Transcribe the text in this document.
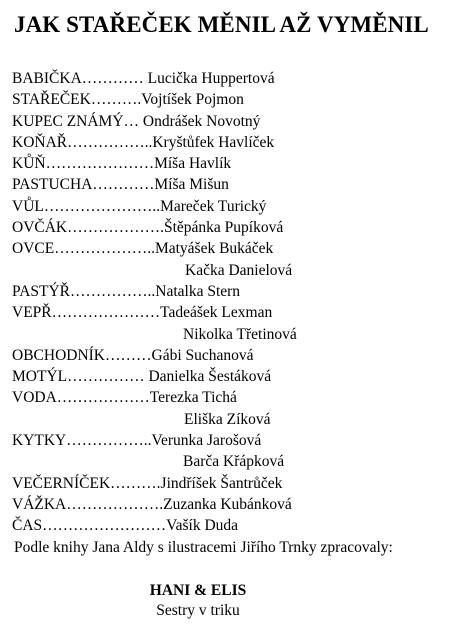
JAK STAŘEČEK MĚNIL AŽ VYMĚNIL
BABIČKA………… Lucička Huppertová
STAŘEČEK……….Vojtíšek Pojmon
KUPEC ZNÁMÝ… Ondrášek Novotný
KOŇAŘ……………..Kryštůfek Havlíček
KŮŇ…………………Míša Havlík
PASTUCHA…………Míša Mišun
VŮL…………………..Mareček Turický
OVČÁK……………….Štěpánka Pupíková
OVCE………………..Matyášek Bukáček
Kačka Danielová
PASTÝŘ……………..Natalka Stern
VEPŘ…………………Tadeášek Lexman
Nikolka Třetinová
OBCHODNÍK………Gábi Suchanová
MOTÝL…………… Danielka Šestáková
VODA………………Terezka Tichá
Eliška Zíková
KYTKY……………..Verunka Jarošová
Barča Křápková
VEČERNÍČEK……….Jindříšek Šantrůček
VÁŽKA……………….Zuzanka Kubánková
ČAS……………………Vašík Duda
Podle knihy Jana Aldy s ilustracemi Jiřího Trnky zpracovaly:
HANI & ELIS
Sestry v triku
